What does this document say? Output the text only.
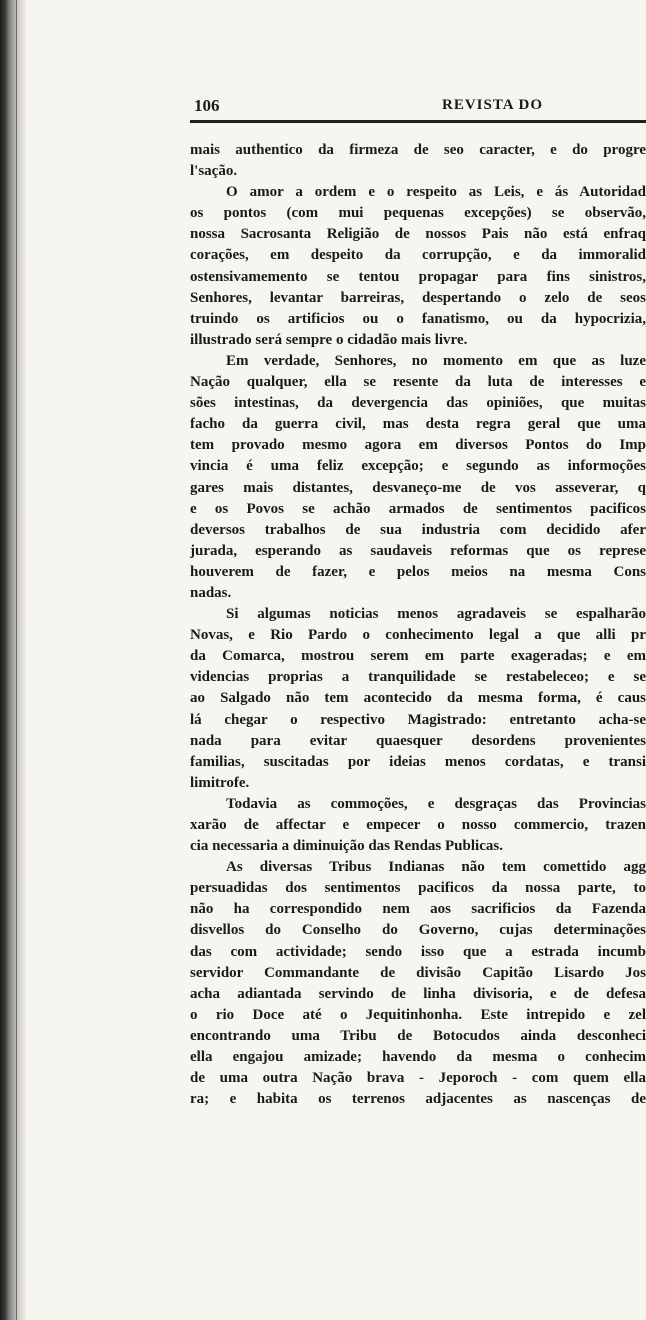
106	REVISTA DO
mais authentico da firmeza de seo caracter, e do progre
l'sação.
O amor a ordem e o respeito as Leis, e ás Autoridad
os pontos (com mui pequenas excepções) se observão,
nossa Sacrosanta Religião de nossos Pais não está enfraq
corações, em despeito da corrupção, e da immoralid
ostensivamemento se tentou propagar para fins sinistros,
Senhores, levantar barreiras, despertando o zelo de seos
truindo os artificios ou o fanatismo, ou da hypocrizia,
illustrado será sempre o cidadão mais livre.
Em verdade, Senhores, no momento em que as luze
Nação qualquer, ella se resente da luta de interesses e
sões intestinas, da devergencia das opiniões, que muitas
facho da guerra civil, mas desta regra geral que uma
tem provado mesmo agora em diversos Pontos do Imp
vincia é uma feliz excepção; e segundo as informoções
gares mais distantes, desvaneço-me de vos asseverar, q
e os Povos se achão armados de sentimentos pacificos
deversos trabalhos de sua industria com decidido afer
jurada, esperando as saudaveis reformas que os represe
houverem de fazer, e pelos meios na mesma Cons
nadas.
Si algumas noticias menos agradaveis se espalharão
Novas, e Rio Pardo o conhecimento legal a que alli pr
da Comarca, mostrou serem em parte exageradas; e em
videncias proprias a tranquilidade se restabeleceo; e se
ao Salgado não tem acontecido da mesma forma, é caus
lá chegar o respectivo Magistrado: entretanto acha-se
nada para evitar quaesquer desordens provenientes
familias, suscitadas por ideias menos cordatas, e transi
limitrofe.
Todavia as commoções, e desgraças das Provincias
xarão de affectar e empecer o nosso commercio, trazen
cia necessaria a diminuição das Rendas Publicas.
As diversas Tribus Indianas não tem comettido agg
persuadidas dos sentimentos pacificos da nossa parte, to
não ha correspondido nem aos sacrificios da Fazenda
disvellos do Conselho do Governo, cujas determinações
das com actividade; sendo isso que a estrada incumb
servidor Commandante de divisão Capitão Lisardo Jos
acha adiantada servindo de linha divisoria, e de defesa
o rio Doce até o Jequitinhonha. Este intrepido e zel
encontrando uma Tribu de Botocudos ainda desconheci
ella engajou amizade; havendo da mesma o conhecim
de uma outra Nação brava - Jeporoch - com quem ella
ra; e habita os terrenos adjacentes as nascenças de
